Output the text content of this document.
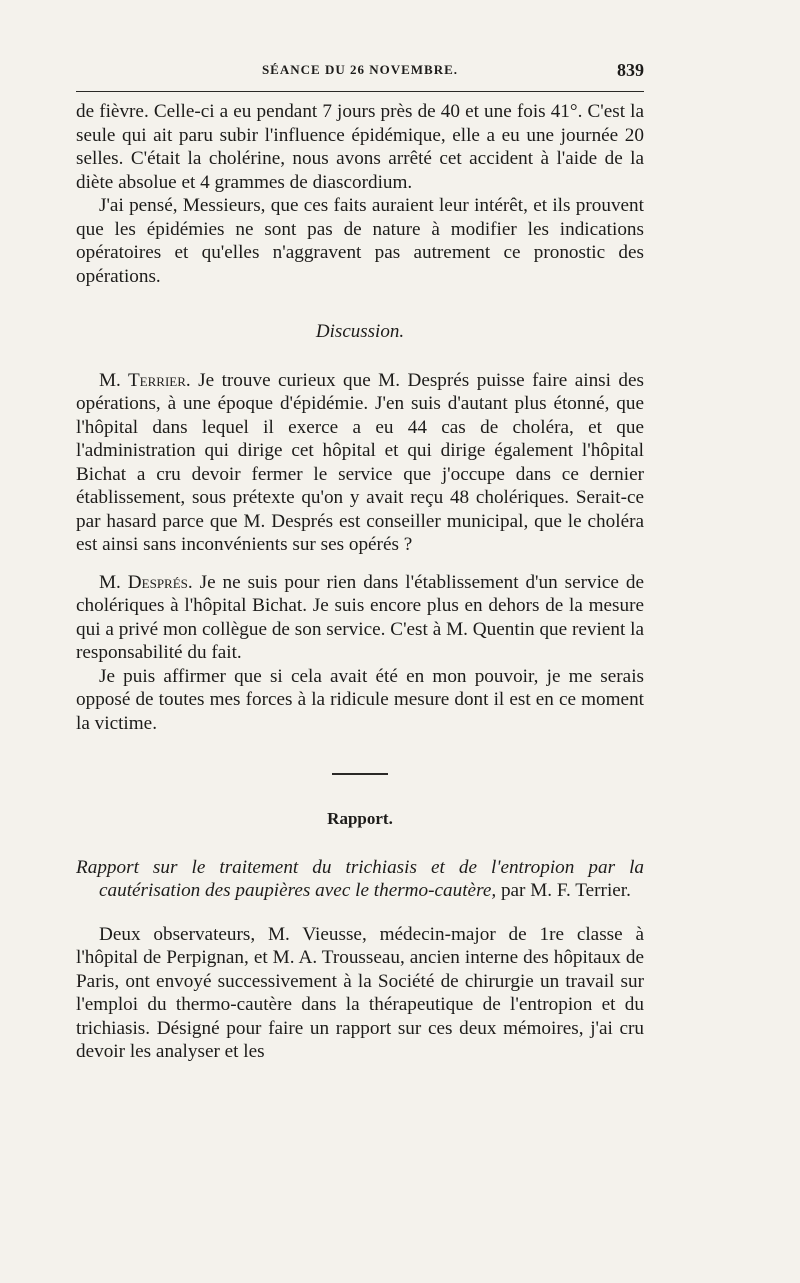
SÉANCE DU 26 NOVEMBRE.	839

de fièvre. Celle-ci a eu pendant 7 jours près de 40 et une fois 41°. C'est la seule qui ait paru subir l'influence épidémique, elle a eu une journée 20 selles. C'était la cholérine, nous avons arrêté cet accident à l'aide de la diète absolue et 4 grammes de diascordium.

J'ai pensé, Messieurs, que ces faits auraient leur intérêt, et ils prouvent que les épidémies ne sont pas de nature à modifier les indications opératoires et qu'elles n'aggravent pas autrement ce pronostic des opérations.

Discussion.

M. Terrier. Je trouve curieux que M. Després puisse faire ainsi des opérations, à une époque d'épidémie. J'en suis d'autant plus étonné, que l'hôpital dans lequel il exerce a eu 44 cas de choléra, et que l'administration qui dirige cet hôpital et qui dirige également l'hôpital Bichat a cru devoir fermer le service que j'occupe dans ce dernier établissement, sous prétexte qu'on y avait reçu 48 cholériques. Serait-ce par hasard parce que M. Després est conseiller municipal, que le choléra est ainsi sans inconvénients sur ses opérés ?

M. Després. Je ne suis pour rien dans l'établissement d'un service de cholériques à l'hôpital Bichat. Je suis encore plus en dehors de la mesure qui a privé mon collègue de son service. C'est à M. Quentin que revient la responsabilité du fait.

Je puis affirmer que si cela avait été en mon pouvoir, je me serais opposé de toutes mes forces à la ridicule mesure dont il est en ce moment la victime.

Rapport.
Rapport sur le traitement du trichiasis et de l'entropion par la cautérisation des paupières avec le thermo-cautère, par M. F. Terrier.

Deux observateurs, M. Vieusse, médecin-major de 1re classe à l'hôpital de Perpignan, et M. A. Trousseau, ancien interne des hôpitaux de Paris, ont envoyé successivement à la Société de chirurgie un travail sur l'emploi du thermo-cautère dans la thérapeutique de l'entropion et du trichiasis. Désigné pour faire un rapport sur ces deux mémoires, j'ai cru devoir les analyser et les
